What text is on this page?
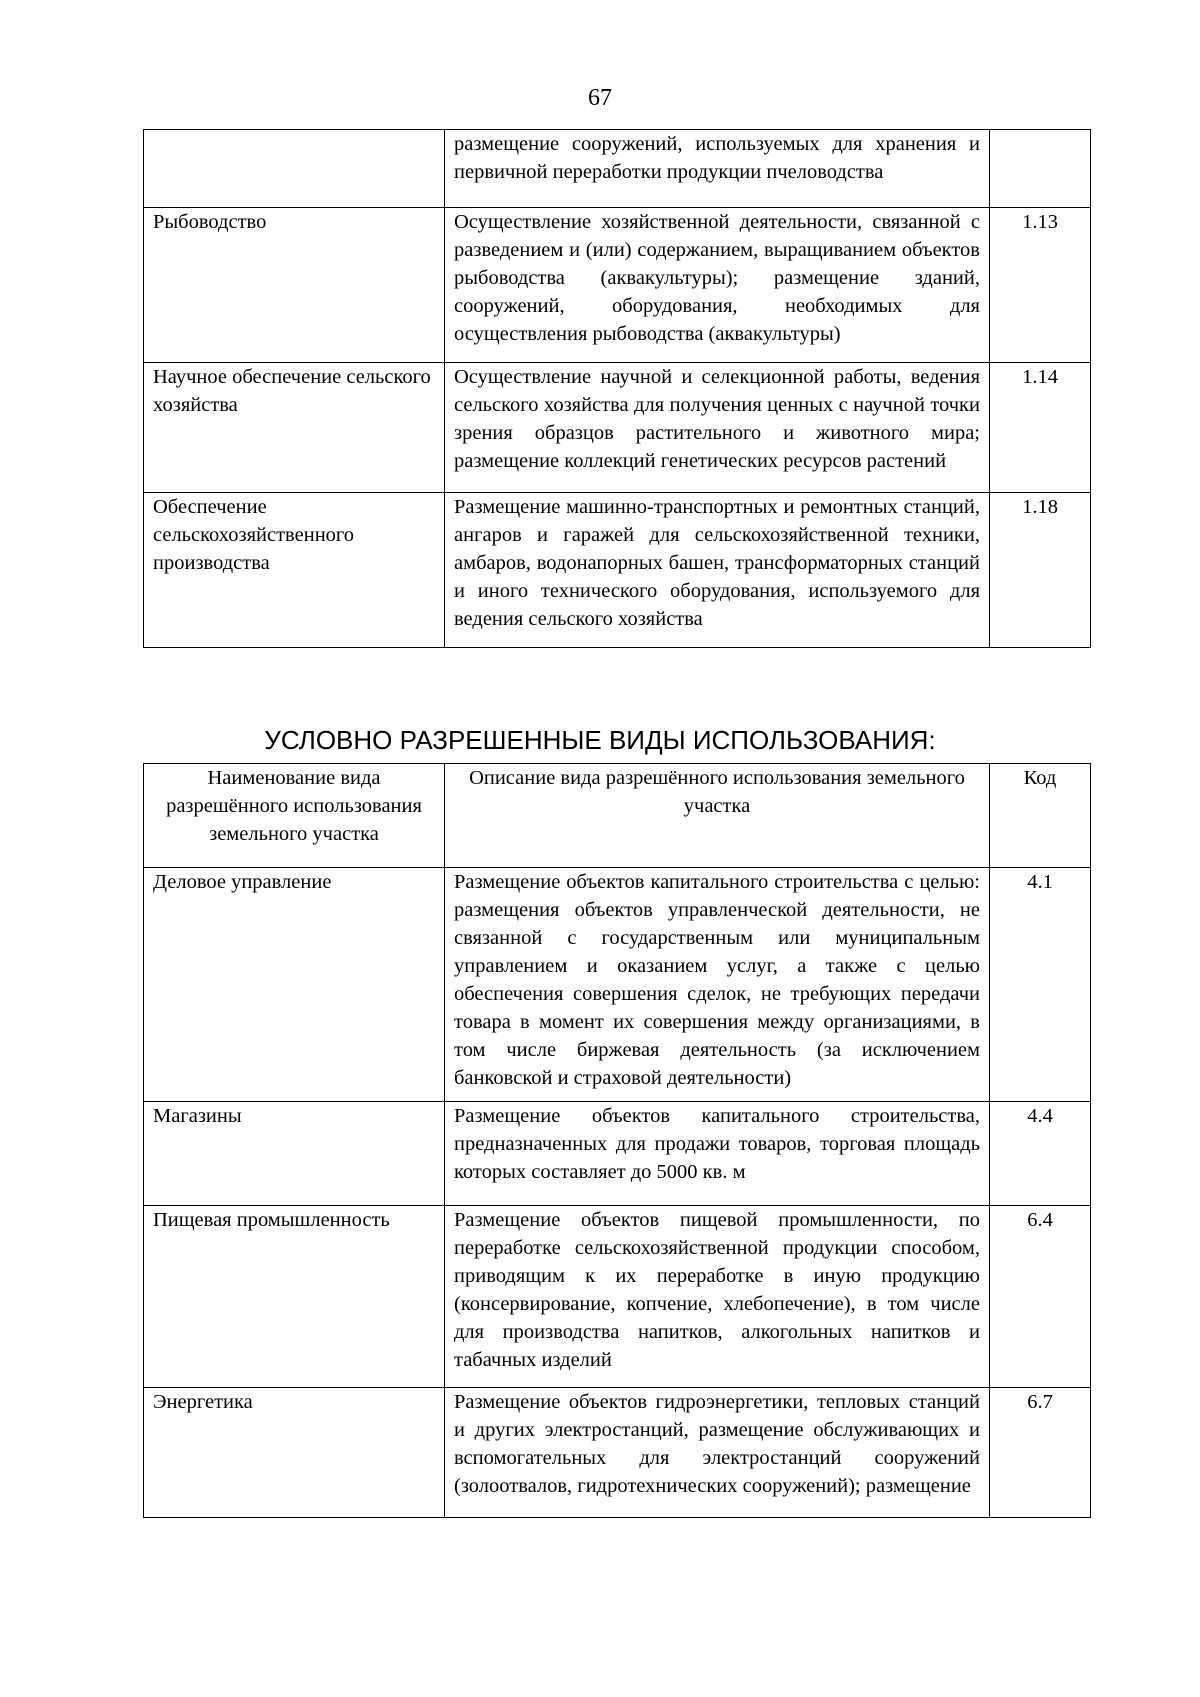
67
	размещение сооружений, используемых для хранения и первичной переработки продукции пчеловодства	
Рыбоводство	Осуществление хозяйственной деятельности, связанной с разведением и (или) содержанием, выращиванием объектов рыбоводства (аквакультуры); размещение зданий, сооружений, оборудования, необходимых для осуществления рыбоводства (аквакультуры)	1.13
Научное обеспечение сельского хозяйства	Осуществление научной и селекционной работы, ведения сельского хозяйства для получения ценных с научной точки зрения образцов растительного и животного мира; размещение коллекций генетических ресурсов растений	1.14
Обеспечение сельскохозяйственного производства	Размещение машинно-транспортных и ремонтных станций, ангаров и гаражей для сельскохозяйственной техники, амбаров, водонапорных башен, трансформаторных станций и иного технического оборудования, используемого для ведения сельского хозяйства	1.18
УСЛОВНО РАЗРЕШЕННЫЕ ВИДЫ ИСПОЛЬЗОВАНИЯ:
Наименование вида разрешённого использования земельного участка	Описание вида разрешённого использования земельного участка	Код
Деловое управление	Размещение объектов капитального строительства с целью: размещения объектов управленческой деятельности, не связанной с государственным или муниципальным управлением и оказанием услуг, а также с целью обеспечения совершения сделок, не требующих передачи товара в момент их совершения между организациями, в том числе биржевая деятельность (за исключением банковской и страховой деятельности)	4.1
Магазины	Размещение объектов капитального строительства, предназначенных для продажи товаров, торговая площадь которых составляет до 5000 кв. м	4.4
Пищевая промышленность	Размещение объектов пищевой промышленности, по переработке сельскохозяйственной продукции способом, приводящим к их переработке в иную продукцию (консервирование, копчение, хлебопечение), в том числе для производства напитков, алкогольных напитков и табачных изделий	6.4
Энергетика	Размещение объектов гидроэнергетики, тепловых станций и других электростанций, размещение обслуживающих и вспомогательных для электростанций сооружений (золоотвалов, гидротехнических сооружений); размещение	6.7
